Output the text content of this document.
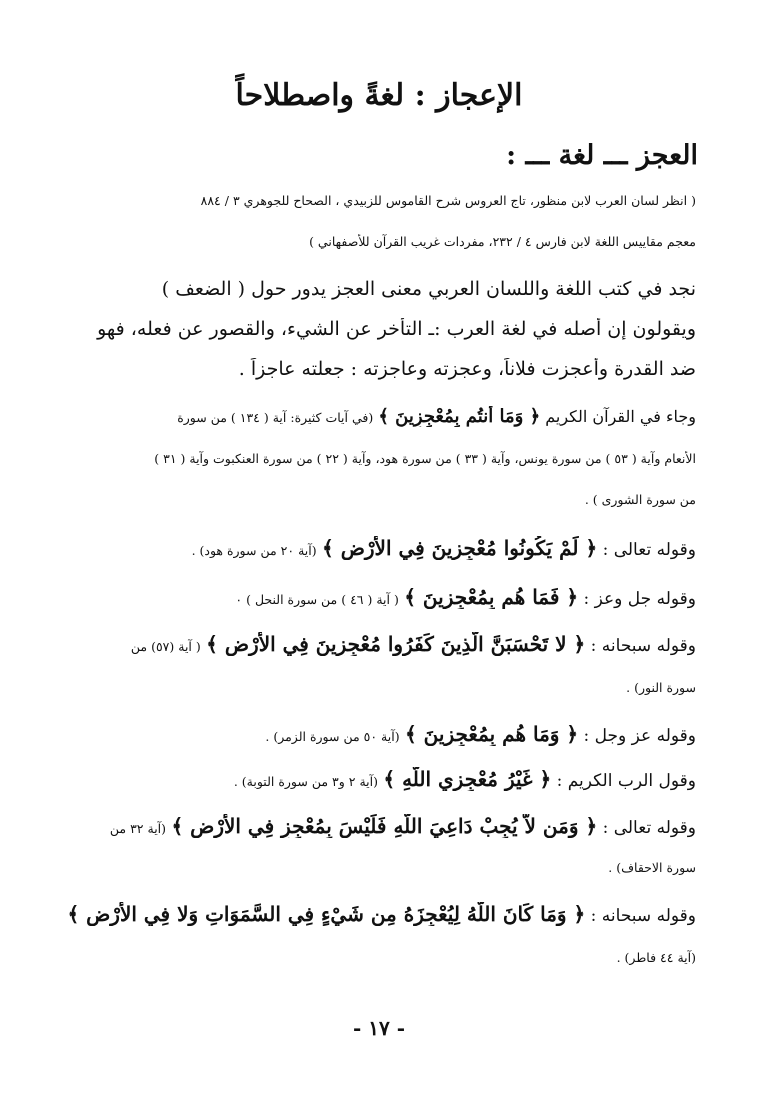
الإعجاز : لغةً واصطلاحاً
العجز ـــ لغة ـــ :
( انظر لسان العرب لابن منظور، تاج العروس شرح القاموس للزبيدي ، الصحاح للجوهري ٣ / ٨٨٤
معجم مقاييس اللغة لابن فارس ٤ / ٢٣٢، مفردات غريب القرآن للأصفهاني )
نجد في كتب اللغة واللسان العربي معنى العجز يدور حول ( الضعف )
ويقولون إن أصله في لغة العرب :ـ التأخر عن الشيء، والقصور عن فعله، فهو
ضد القدرة وأعجزت فلاناً، وعجزته وعاجزته : جعلته عاجزاً .
وجاء في القرآن الكريم ﴿ وَمَا أَنتُم بِمُعْجِزِينَ ﴾ (في آيات كثيرة: آية ( ١٣٤ ) من سورة
الأنعام وآية ( ٥٣ ) من سورة يونس، وآية ( ٣٣ ) من سورة هود، وآية ( ٢٢ ) من سورة العنكبوت وآية ( ٣١ )
من سورة الشورى ) .
وقوله تعالى : ﴿ لَمْ يَكُونُوا مُعْجِزِينَ فِي الأَرْضِ ﴾ (آية ٢٠ من سورة هود) .
وقوله جل وعز : ﴿ فَمَا هُم بِمُعْجِزِينَ ﴾ ( آية ( ٤٦ ) من سورة النحل ) ٠
وقوله سبحانه : ﴿ لا تَحْسَبَنَّ الَّذِينَ كَفَرُوا مُعْجِزِينَ فِي الأَرْضِ ﴾ ( آية (٥٧) من
سورة النور) .
وقوله عز وجل : ﴿ وَمَا هُم بِمُعْجِزِينَ ﴾ (آية ٥٠ من سورة الزمر) .
وقول الرب الكريم : ﴿ غَيْرُ مُعْجِزِي اللَّهِ ﴾ (آية ٢ و٣ من سورة التوبة) .
وقوله تعالى : ﴿ وَمَن لاَّ يُجِبْ دَاعِيَ اللَّهِ فَلَيْسَ بِمُعْجِزٍ فِي الأَرْضِ ﴾ (آية ٣٢ من
سورة الاحقاف) .
وقوله سبحانه : ﴿ وَمَا كَانَ اللَّهُ لِيُعْجِزَهُ مِن شَيْءٍ فِي السَّمَوَاتِ وَلا فِي الأَرْضِ ﴾
(آية ٤٤ فاطر) .
- ١٧ -
